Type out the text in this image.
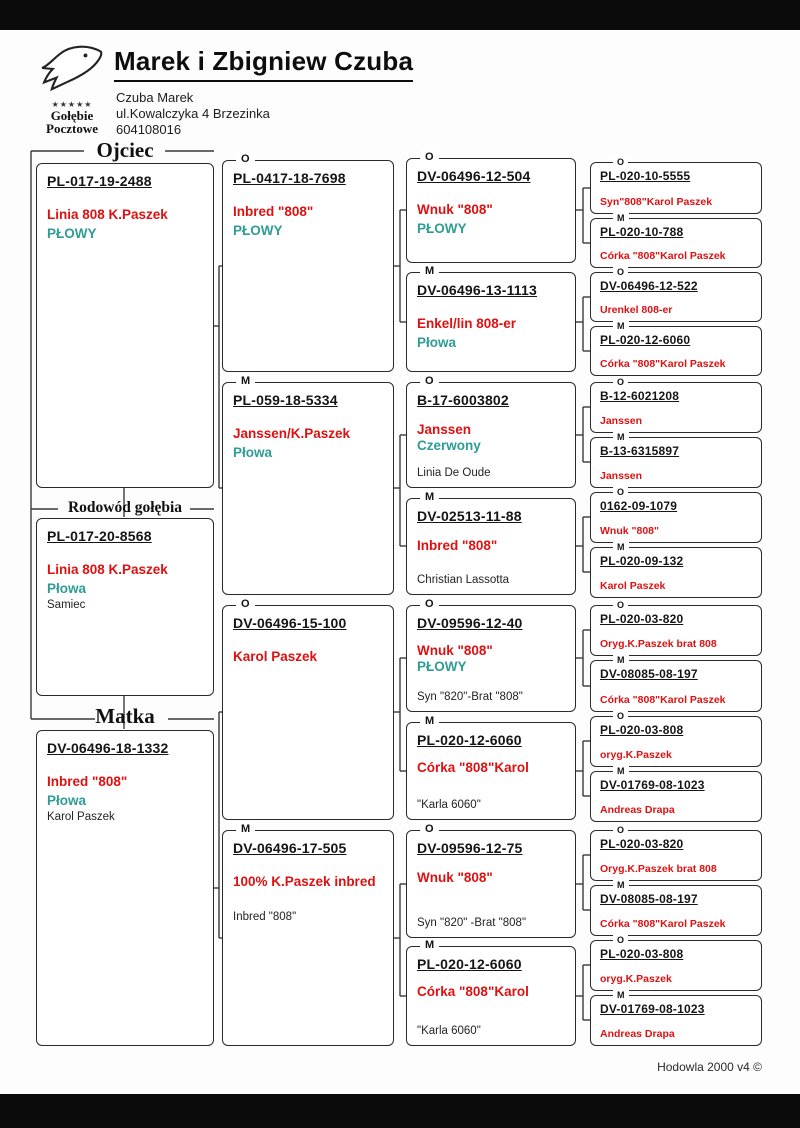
★★★★★
Gołębie
Pocztowe
Marek i Zbigniew Czuba
Czuba Marek
ul.Kowalczyka 4 Brzezinka
604108016
Ojciec
PL-017-19-2488
Linia 808 K.Paszek
PŁOWY
Rodowód gołębia
PL-017-20-8568
Linia 808 K.Paszek
Płowa
Samiec
Matka
DV-06496-18-1332
Inbred "808"
Płowa
Karol Paszek
O
PL-0417-18-7698
Inbred "808"
PŁOWY
M
PL-059-18-5334
Janssen/K.Paszek
Płowa
O
DV-06496-15-100
Karol Paszek
M
DV-06496-17-505
100% K.Paszek inbred
Inbred "808"
O
DV-06496-12-504
Wnuk "808"
PŁOWY
M
DV-06496-13-1113
Enkel/lin 808-er
Płowa
O
B-17-6003802
Janssen
Czerwony
Linia De Oude
M
DV-02513-11-88
Inbred "808"
Christian Lassotta
O
DV-09596-12-40
Wnuk "808"
PŁOWY
Syn "820"-Brat "808"
M
PL-020-12-6060
Córka "808"Karol
"Karla 6060"
O
DV-09596-12-75
Wnuk "808"
Syn "820" -Brat "808"
M
PL-020-12-6060
Córka "808"Karol
"Karla 6060"
O
PL-020-10-5555
Syn"808"Karol Paszek
M
PL-020-10-788
Córka "808"Karol Paszek
O
DV-06496-12-522
Urenkel 808-er
M
PL-020-12-6060
Córka "808"Karol Paszek
O
B-12-6021208
Janssen
M
B-13-6315897
Janssen
O
0162-09-1079
Wnuk "808"
M
PL-020-09-132
Karol Paszek
O
PL-020-03-820
Oryg.K.Paszek brat 808
M
DV-08085-08-197
Córka "808"Karol Paszek
O
PL-020-03-808
oryg.K.Paszek
M
DV-01769-08-1023
Andreas Drapa
O
PL-020-03-820
Oryg.K.Paszek brat 808
M
DV-08085-08-197
Córka "808"Karol Paszek
O
PL-020-03-808
oryg.K.Paszek
M
DV-01769-08-1023
Andreas Drapa
Hodowla 2000 v4 ©
